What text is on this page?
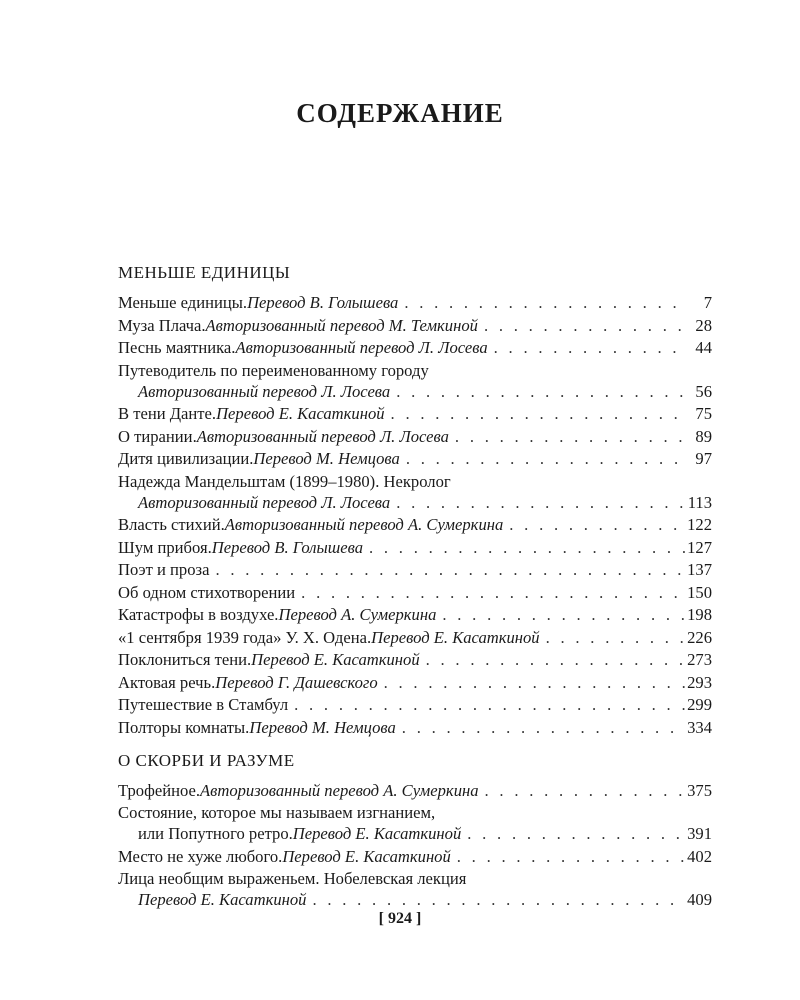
СОДЕРЖАНИЕ
МЕНЬШЕ ЕДИНИЦЫ
Меньше единицы. Перевод В. Голышева . . .	7
Муза Плача. Авторизованный перевод М. Темкиной . . .	28
Песнь маятника. Авторизованный перевод Л. Лосева . . .	44
Путеводитель по переименованному городу
Авторизованный перевод Л. Лосева . . .	56
В тени Данте. Перевод Е. Касаткиной . . .	75
О тирании. Авторизованный перевод Л. Лосева . . .	89
Дитя цивилизации. Перевод М. Немцова . . .	97
Надежда Мандельштам (1899–1980). Некролог
Авторизованный перевод Л. Лосева . . .	113
Власть стихий. Авторизованный перевод А. Сумеркина . . .	122
Шум прибоя. Перевод В. Голышева . . .	127
Поэт и проза . . .	137
Об одном стихотворении . . .	150
Катастрофы в воздухе. Перевод А. Сумеркина . . .	198
«1 сентября 1939 года» У. Х. Одена. Перевод Е. Касаткиной . . .	226
Поклониться тени. Перевод Е. Касаткиной . . .	273
Актовая речь. Перевод Г. Дашевского . . .	293
Путешествие в Стамбул . . .	299
Полторы комнаты. Перевод М. Немцова . . .	334
О СКОРБИ И РАЗУМЕ
Трофейное. Авторизованный перевод А. Сумеркина . . .	375
Состояние, которое мы называем изгнанием,
или Попутного ретро. Перевод Е. Касаткиной . . .	391
Место не хуже любого. Перевод Е. Касаткиной . . .	402
Лица необщим выраженьем. Нобелевская лекция
Перевод Е. Касаткиной . . .	409
[ 924 ]
